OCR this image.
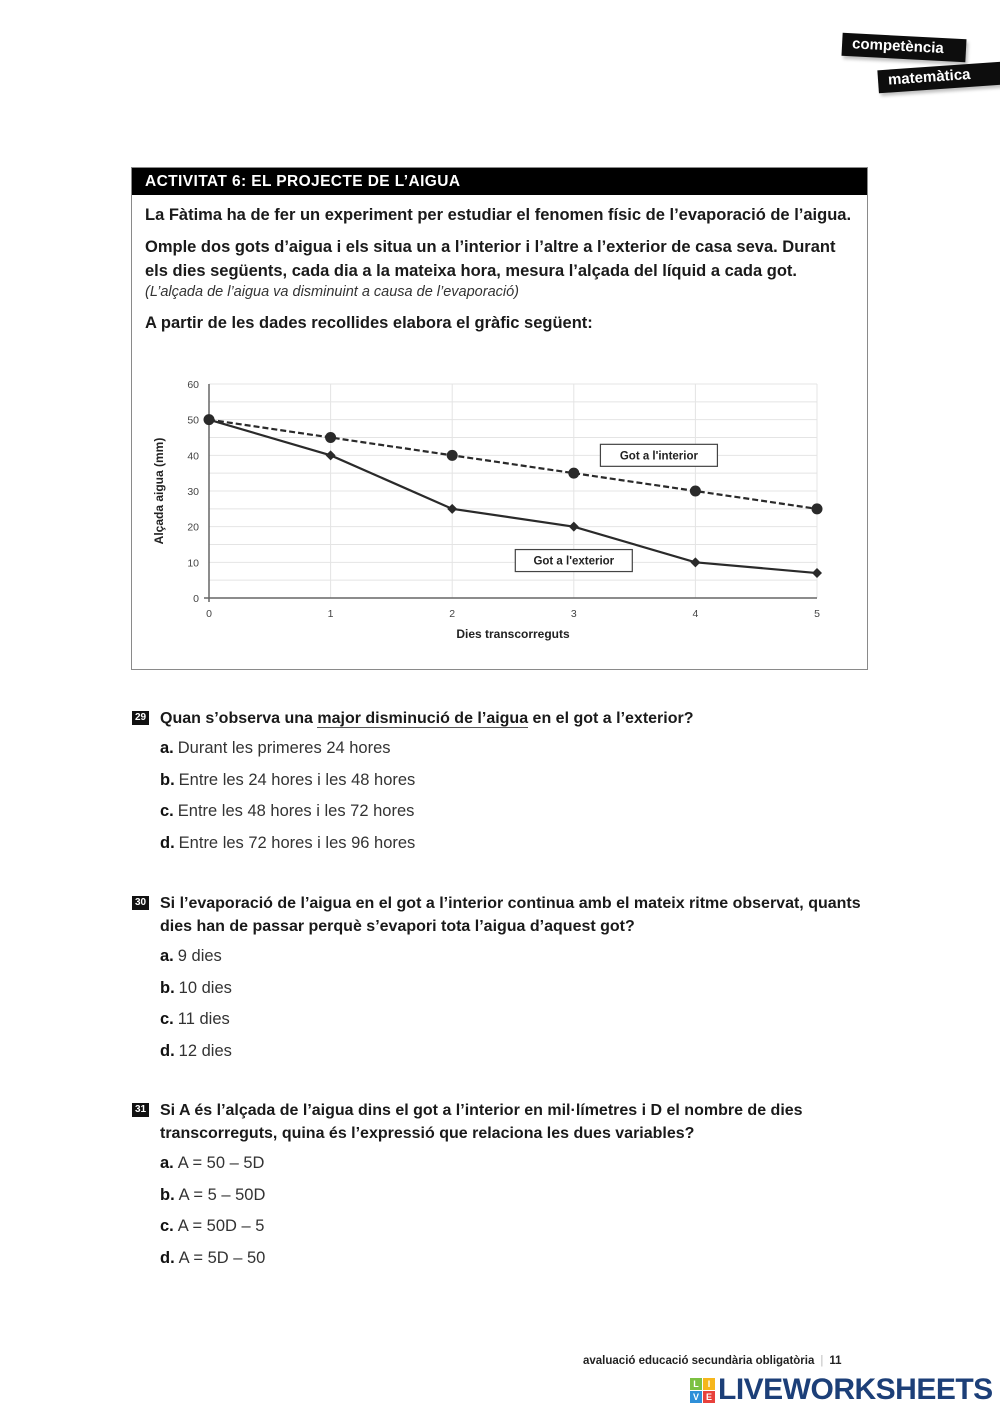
competència
matemàtica
ACTIVITAT 6: EL PROJECTE DE L’AIGUA

La Fàtima ha de fer un experiment per estudiar el fenomen físic de l’evaporació de l’aigua.

Omple dos gots d’aigua i els situa un a l’interior i l’altre a l’exterior de casa seva. Durant els dies següents, cada dia a la mateixa hora, mesura l’alçada del líquid a cada got.

(L’alçada de l’aigua va disminuint a causa de l’evaporació)

A partir de les dades recollides elabora el gràfic següent:

0
10
20
30
40
50
60
0	1	2	3	4	5
Got a l'interior
Got a l'exterior
Dies transcorreguts
Alçada aigua (mm)
29 Quan s’observa una major disminució de l’aigua en el got a l’exterior?
a. Durant les primeres 24 hores
b. Entre les 24 hores i les 48 hores
c. Entre les 48 hores i les 72 hores
d. Entre les 72 hores i les 96 hores
30 Si l’evaporació de l’aigua en el got a l’interior continua amb el mateix ritme observat, quants dies han de passar perquè s’evapori tota l’aigua d’aquest got?
a. 9 dies
b. 10 dies
c. 11 dies
d. 12 dies
31 Si A és l’alçada de l’aigua dins el got a l’interior en mil·límetres i D el nombre de dies transcorreguts, quina és l’expressió que relaciona les dues variables?
a. A = 50 – 5D
b. A = 5 – 50D
c. A = 50D – 5
d. A = 5D – 50
avaluació educació secundària obligatòria | 11
L I
V E LIVEWORKSHEETS
